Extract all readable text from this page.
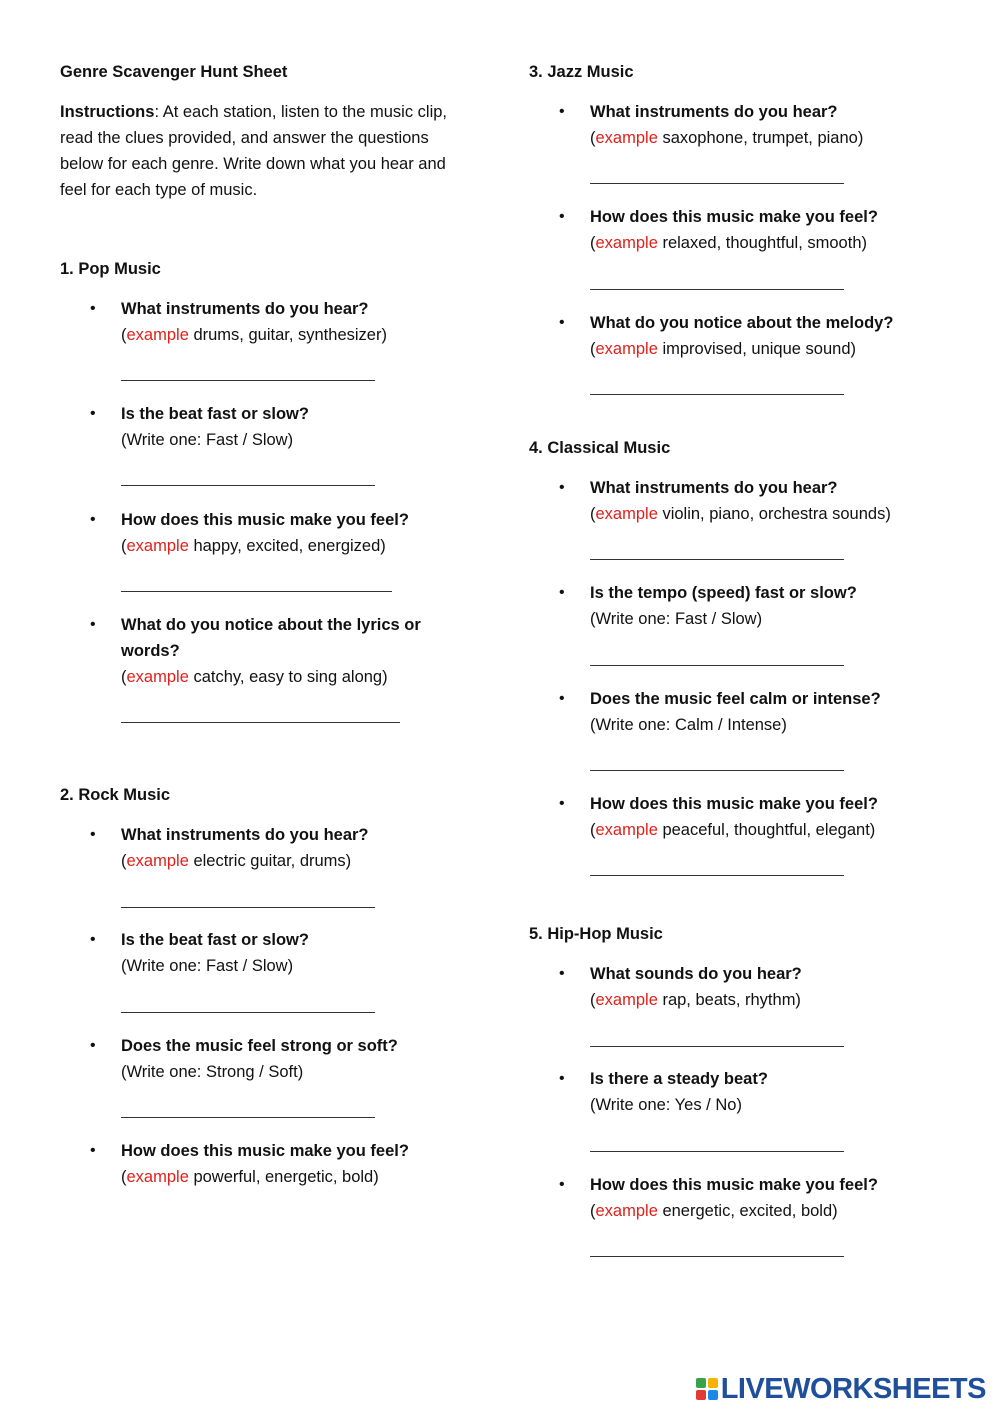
Genre Scavenger Hunt Sheet
Instructions: At each station, listen to the music clip, read the clues provided, and answer the questions below for each genre. Write down what you hear and feel for each type of music.
1. Pop Music
• What instruments do you hear?
(example drums, guitar, synthesizer)
• Is the beat fast or slow?
(Write one: Fast / Slow)
• How does this music make you feel?
(example happy, excited, energized)
• What do you notice about the lyrics or words?
(example catchy, easy to sing along)
2. Rock Music
• What instruments do you hear?
(example electric guitar, drums)
• Is the beat fast or slow?
(Write one: Fast / Slow)
• Does the music feel strong or soft?
(Write one: Strong / Soft)
• How does this music make you feel?
(example powerful, energetic, bold)
3. Jazz Music
• What instruments do you hear?
(example saxophone, trumpet, piano)
• How does this music make you feel?
(example relaxed, thoughtful, smooth)
• What do you notice about the melody?
(example improvised, unique sound)
4. Classical Music
• What instruments do you hear?
(example violin, piano, orchestra sounds)
• Is the tempo (speed) fast or slow?
(Write one: Fast / Slow)
• Does the music feel calm or intense?
(Write one: Calm / Intense)
• How does this music make you feel?
(example peaceful, thoughtful, elegant)
5. Hip-Hop Music
• What sounds do you hear?
(example rap, beats, rhythm)
• Is there a steady beat?
(Write one: Yes / No)
• How does this music make you feel?
(example energetic, excited, bold)
LIVEWORKSHEETS
